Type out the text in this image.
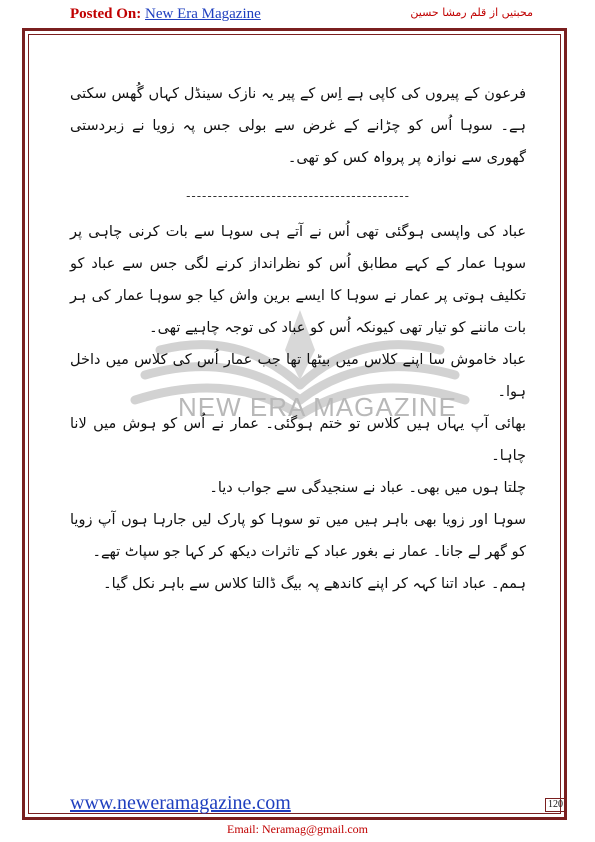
Posted On: New Era Magazine	محبتیں از قلم رمشا حسین
NEW ERA MAGAZINE

فرعون کے پیروں کی کاپی ہے اِس کے پیر یہ نازک سینڈل کہاں گُھس سکتی ہے۔ سوہا اُس کو چڑانے کے غرض سے بولی جس پہ زویا نے زبردستی گھوری سے نوازہ پر پرواہ کس کو تھی۔

------------------------------------------

عباد کی واپسی ہوگئی تھی اُس نے آتے ہی سوہا سے بات کرنی چاہی پر سوہا عمار کے کہے مطابق اُس کو نظرانداز کرنے لگی جس سے عباد کو تکلیف ہوتی پر عمار نے سوہا کا ایسے برین واش کیا جو سوہا عمار کی ہر بات ماننے کو تیار تھی کیونکہ اُس کو عباد کی توجہ چاہیے تھی۔

عباد خاموش سا اپنے کلاس میں بیٹھا تھا جب عمار اُس کی کلاس میں داخل ہوا۔

بھائی آپ یہاں ہیں کلاس تو ختم ہوگئی۔ عمار نے اُس کو ہوش میں لانا چاہا۔

چلتا ہوں میں بھی۔ عباد نے سنجیدگی سے جواب دیا۔

سوہا اور زویا بھی باہر ہیں میں تو سوہا کو پارک لیں جارہا ہوں آپ زویا کو گھر لے جانا۔ عمار نے بغور عباد کے تاثرات دیکھ کر کہا جو سپاٹ تھے۔

ہمم۔ عباد اتنا کہہ کر اپنے کاندھے پہ بیگ ڈالتا کلاس سے باہر نکل گیا۔

www.neweramagazine.com	120
Email: Neramag@gmail.com
